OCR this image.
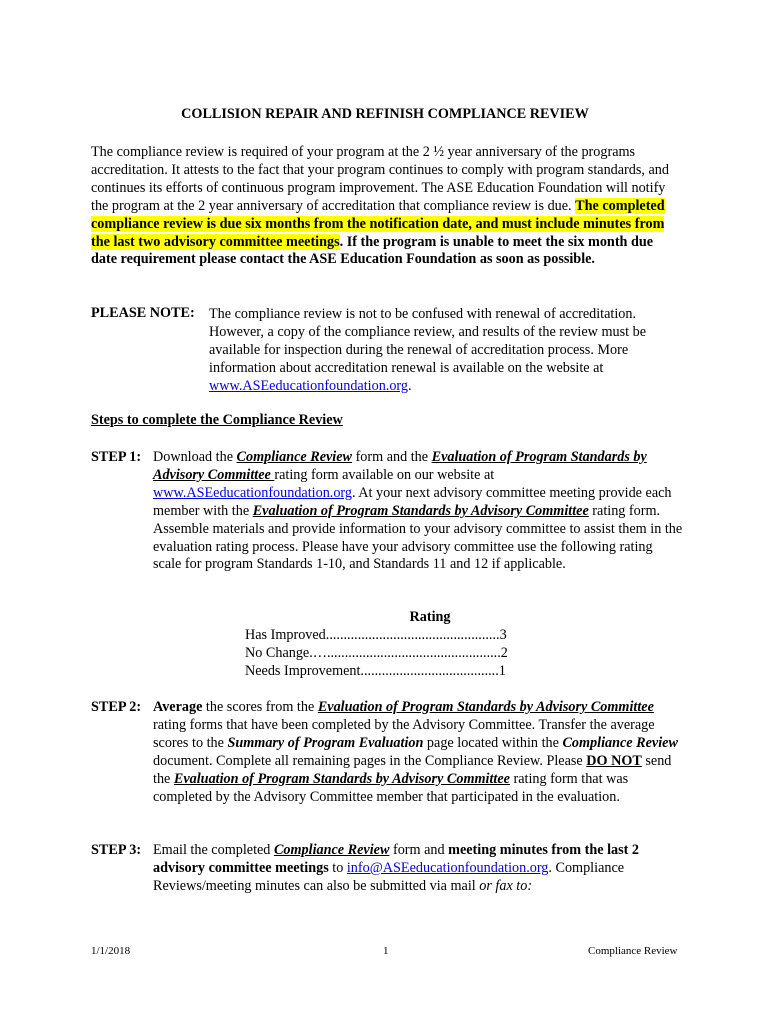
COLLISION REPAIR AND REFINISH COMPLIANCE REVIEW
The compliance review is required of your program at the 2 ½ year anniversary of the programs accreditation. It attests to the fact that your program continues to comply with program standards, and continues its efforts of continuous program improvement. The ASE Education Foundation will notify the program at the 2 year anniversary of accreditation that compliance review is due. The completed compliance review is due six months from the notification date, and must include minutes from the last two advisory committee meetings. If the program is unable to meet the six month due date requirement please contact the ASE Education Foundation as soon as possible.
PLEASE NOTE: The compliance review is not to be confused with renewal of accreditation. However, a copy of the compliance review, and results of the review must be available for inspection during the renewal of accreditation process. More information about accreditation renewal is available on the website at www.ASEeducationfoundation.org.
Steps to complete the Compliance Review
STEP 1: Download the Compliance Review form and the Evaluation of Program Standards by Advisory Committee rating form available on our website at www.ASEeducationfoundation.org. At your next advisory committee meeting provide each member with the Evaluation of Program Standards by Advisory Committee rating form. Assemble materials and provide information to your advisory committee to assist them in the evaluation rating process. Please have your advisory committee use the following rating scale for program Standards 1-10, and Standards 11 and 12 if applicable.
Rating
Has Improved.................................................3
No Change.….................................................2
Needs Improvement.......................................1
STEP 2: Average the scores from the Evaluation of Program Standards by Advisory Committee rating forms that have been completed by the Advisory Committee. Transfer the average scores to the Summary of Program Evaluation page located within the Compliance Review document. Complete all remaining pages in the Compliance Review. Please DO NOT send the Evaluation of Program Standards by Advisory Committee rating form that was completed by the Advisory Committee member that participated in the evaluation.
STEP 3: Email the completed Compliance Review form and meeting minutes from the last 2 advisory committee meetings to info@ASEeducationfoundation.org. Compliance Reviews/meeting minutes can also be submitted via mail or fax to:
1/1/2018	1	Compliance Review
